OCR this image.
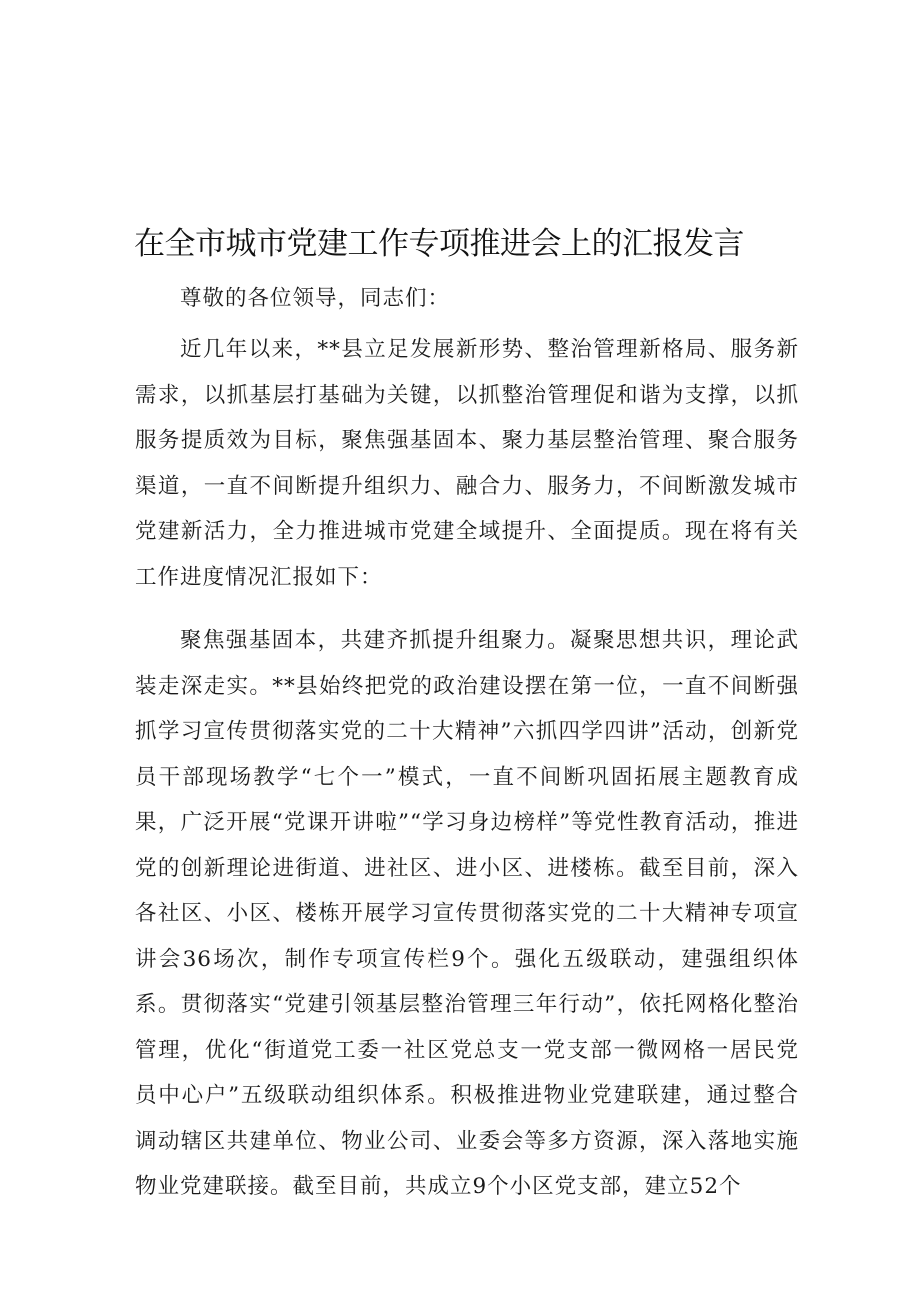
在全市城市党建工作专项推进会上的汇报发言

尊敬的各位领导，同志们：

近几年以来，**县立足发展新形势、整治管理新格局、服务新需求，以抓基层打基础为关键，以抓整治管理促和谐为支撑，以抓服务提质效为目标，聚焦强基固本、聚力基层整治管理、聚合服务渠道，一直不间断提升组织力、融合力、服务力，不间断激发城市党建新活力，全力推进城市党建全域提升、全面提质。现在将有关工作进度情况汇报如下：

聚焦强基固本，共建齐抓提升组聚力。凝聚思想共识，理论武装走深走实。**县始终把党的政治建设摆在第一位，一直不间断强抓学习宣传贯彻落实党的二十大精神”六抓四学四讲”活动，创新党员干部现场教学“七个一”模式，一直不间断巩固拓展主题教育成果，广泛开展“党课开讲啦”“学习身边榜样”等党性教育活动，推进党的创新理论进街道、进社区、进小区、进楼栋。截至目前，深入各社区、小区、楼栋开展学习宣传贯彻落实党的二十大精神专项宣讲会36场次，制作专项宣传栏9个。强化五级联动，建强组织体系。贯彻落实“党建引领基层整治管理三年行动”，依托网格化整治管理，优化“街道党工委一社区党总支一党支部一微网格一居民党员中心户”五级联动组织体系。积极推进物业党建联建，通过整合调动辖区共建单位、物业公司、业委会等多方资源，深入落地实施物业党建联接。截至目前，共成立9个小区党支部，建立52个
